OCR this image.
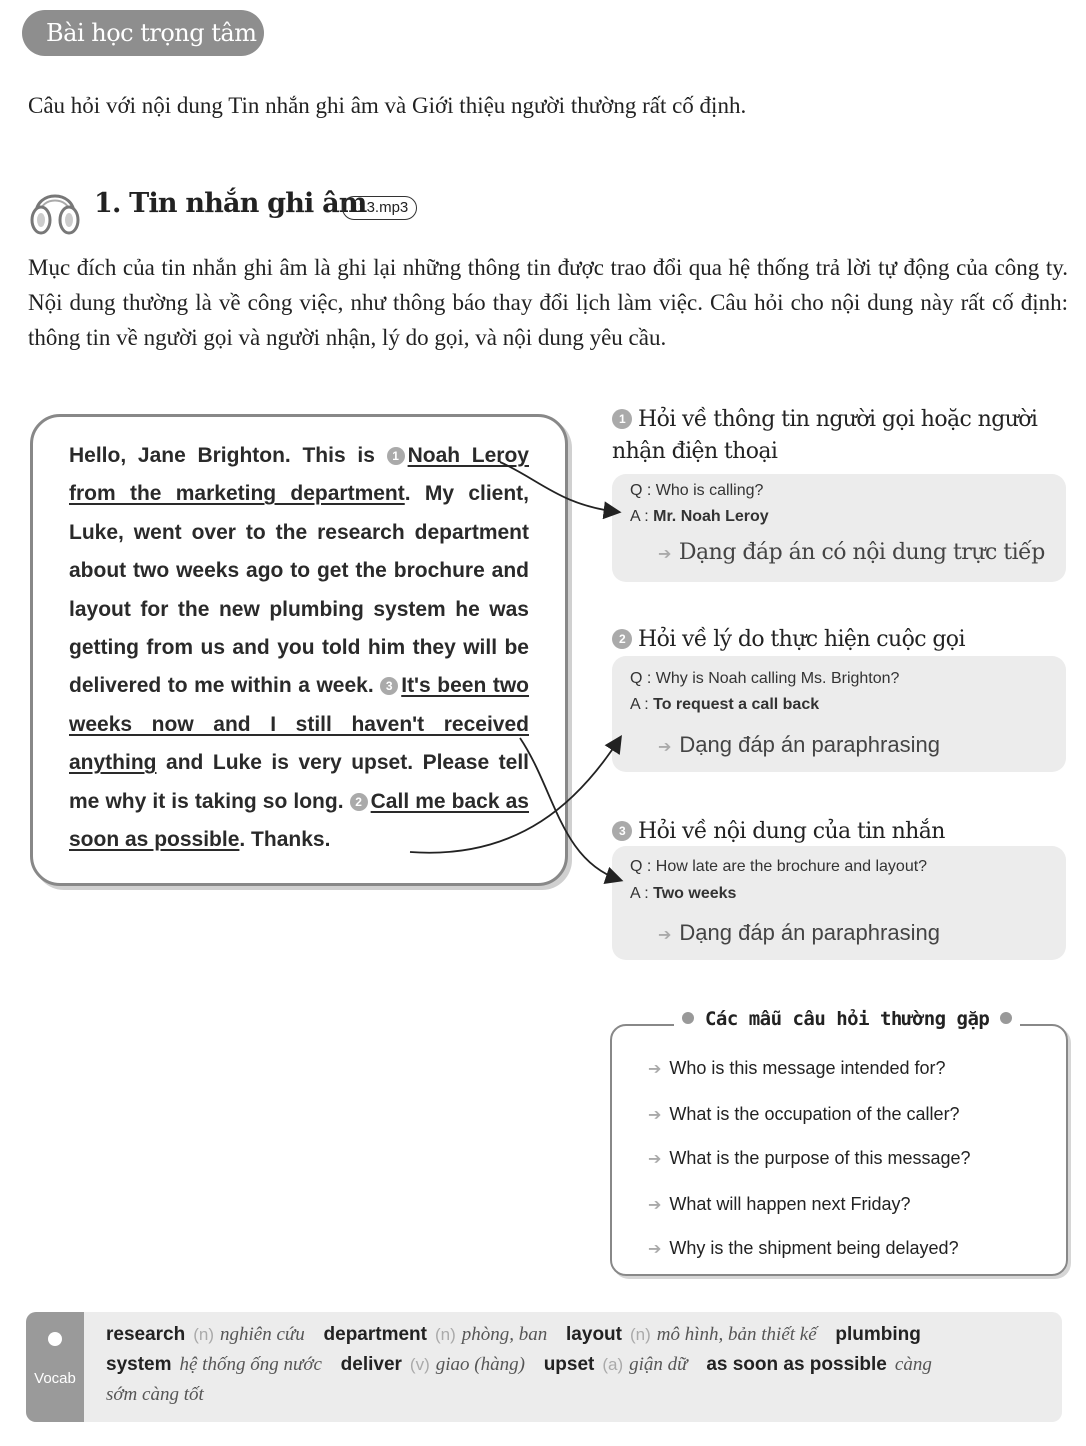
Bài học trọng tâm

Câu hỏi với nội dung Tin nhắn ghi âm và Giới thiệu người thường rất cố định.

1. Tin nhắn ghi âm
113.mp3

Mục đích của tin nhắn ghi âm là ghi lại những thông tin được trao đổi qua hệ thống trả lời tự động của công ty. Nội dung thường là về công việc, như thông báo thay đổi lịch làm việc. Câu hỏi cho nội dung này rất cố định: thông tin về người gọi và người nhận, lý do gọi, và nội dung yêu cầu.

Hello, Jane Brighton. This is 1 Noah Leroy from the marketing department. My client, Luke, went over to the research department about two weeks ago to get the brochure and layout for the new plumbing system he was getting from us and you told him they will be delivered to me within a week. 3 It's been two weeks now and I still haven't received anything and Luke is very upset. Please tell me why it is taking so long. 2 Call me back as soon as possible. Thanks.
1 Hỏi về thông tin người gọi hoặc người nhận điện thoại
Q : Who is calling?
A : Mr. Noah Leroy
➔ Dạng đáp án có nội dung trực tiếp
2 Hỏi về lý do thực hiện cuộc gọi
Q : Why is Noah calling Ms. Brighton?
A : To request a call back
➔ Dạng đáp án paraphrasing
3 Hỏi về nội dung của tin nhắn
Q : How late are the brochure and layout?
A : Two weeks
➔ Dạng đáp án paraphrasing
Các mẫu câu hỏi thường gặp
➔ Who is this message intended for?
➔ What is the occupation of the caller?
➔ What is the purpose of this message?
➔ What will happen next Friday?
➔ Why is the shipment being delayed?
Vocab
research (n) nghiên cứu department (n) phòng, ban layout (n) mô hình, bản thiết kế plumbing
system hệ thống ống nước deliver (v) giao (hàng) upset (a) giận dữ as soon as possible càng
sớm càng tốt
